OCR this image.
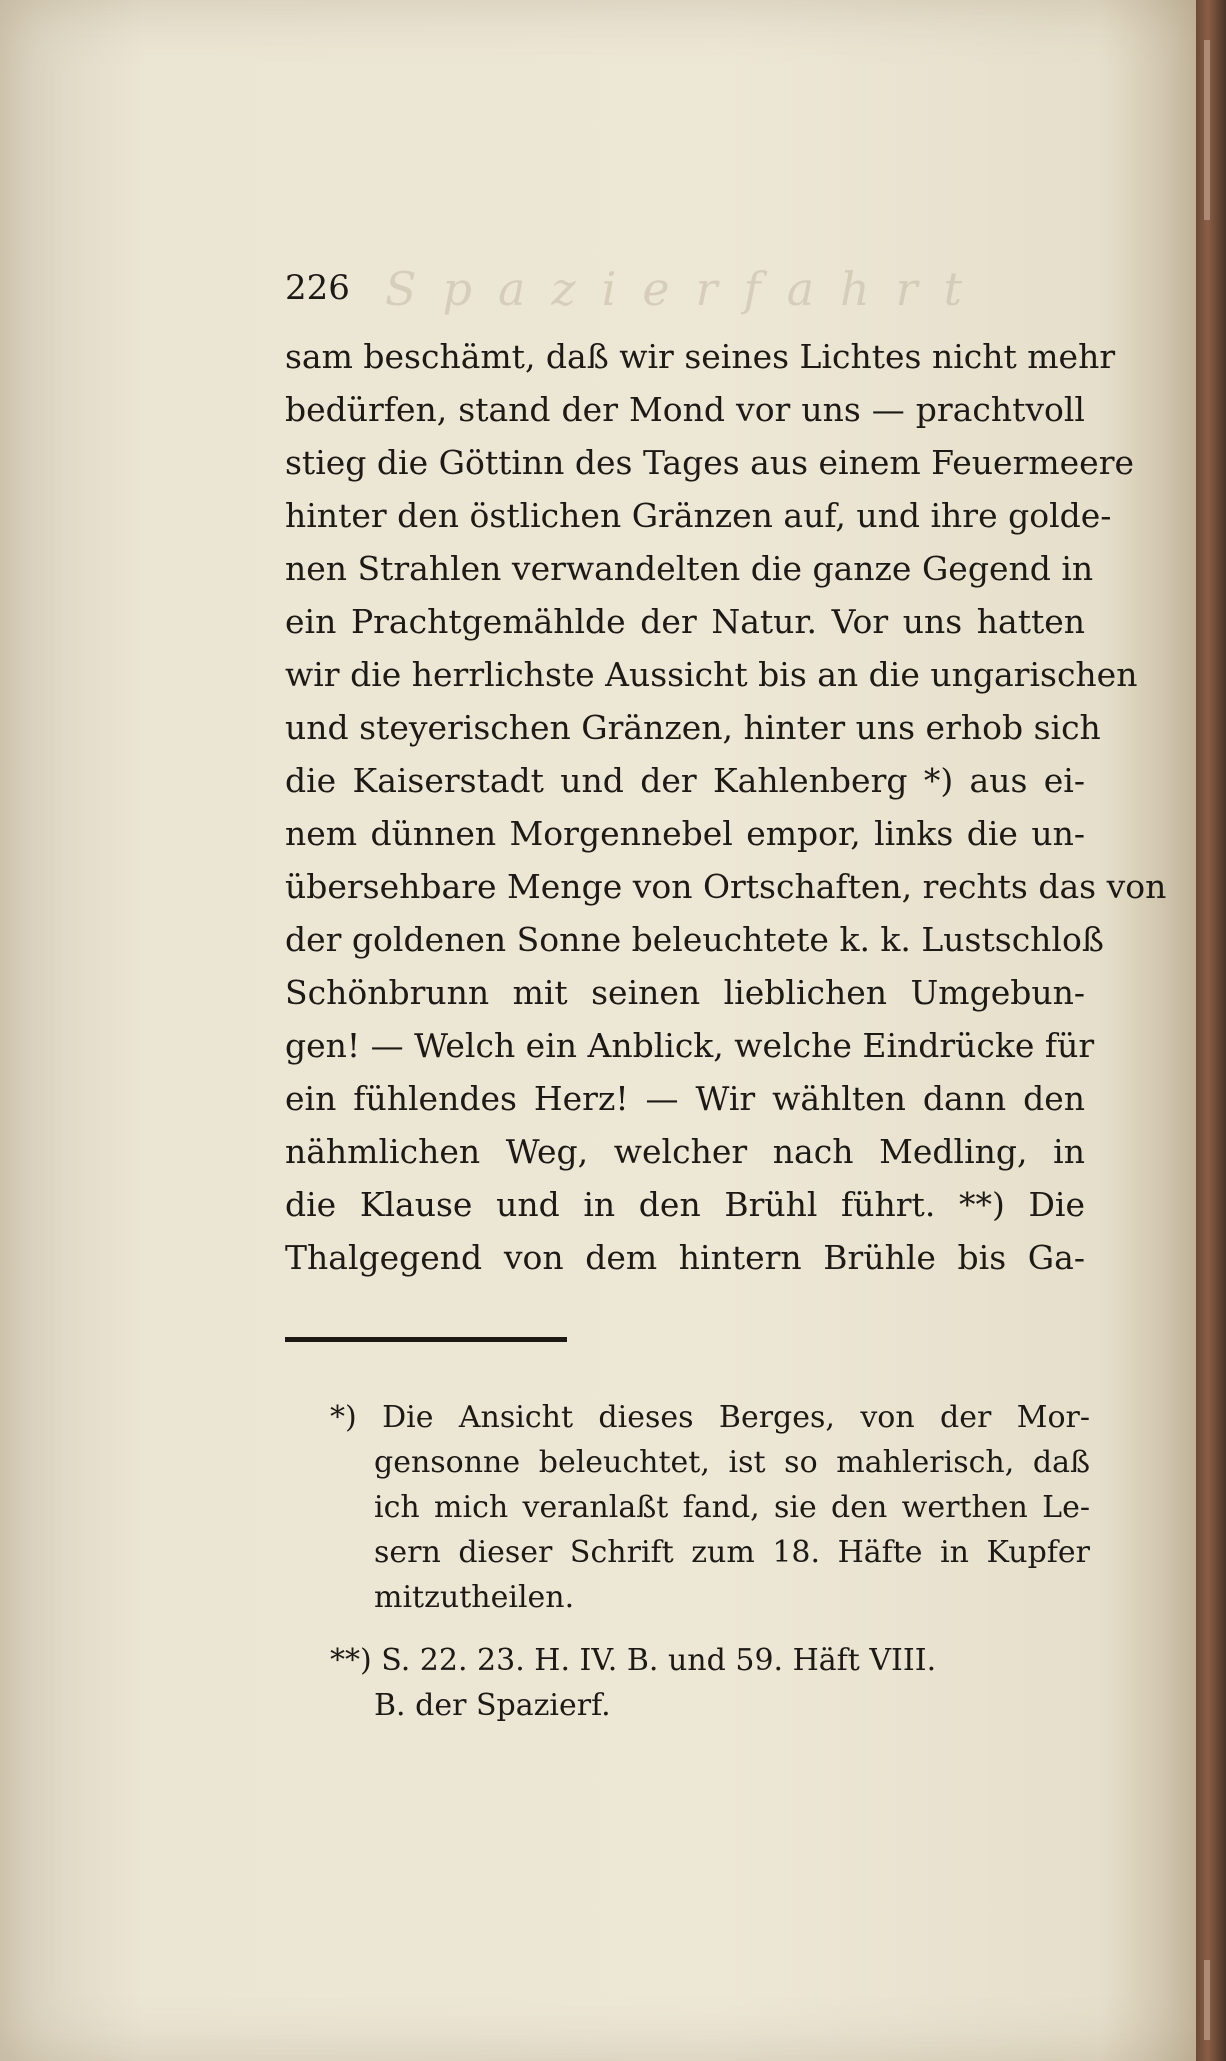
226 Spazierfahrt
sam beschämt, daß wir seines Lichtes nicht mehr
bedürfen, stand der Mond vor uns — prachtvoll
stieg die Göttinn des Tages aus einem Feuermeere
hinter den östlichen Gränzen auf, und ihre golde-
nen Strahlen verwandelten die ganze Gegend in
ein Prachtgemählde der Natur. Vor uns hatten
wir die herrlichste Aussicht bis an die ungarischen
und steyerischen Gränzen, hinter uns erhob sich
die Kaiserstadt und der Kahlenberg *) aus ei-
nem dünnen Morgennebel empor, links die un-
übersehbare Menge von Ortschaften, rechts das von
der goldenen Sonne beleuchtete k. k. Lustschloß
Schönbrunn mit seinen lieblichen Umgebun-
gen! — Welch ein Anblick, welche Eindrücke für
ein fühlendes Herz! — Wir wählten dann den
nähmlichen Weg, welcher nach Medling, in
die Klause und in den Brühl führt. **) Die
Thalgegend von dem hintern Brühle bis Ga-
*) Die Ansicht dieses Berges, von der Mor-
gensonne beleuchtet, ist so mahlerisch, daß
ich mich veranlaßt fand, sie den werthen Le-
sern dieser Schrift zum 18. Häfte in Kupfer
mitzutheilen.
**) S. 22. 23. H. IV. B. und 59. Häft VIII.
B. der Spazierf.
